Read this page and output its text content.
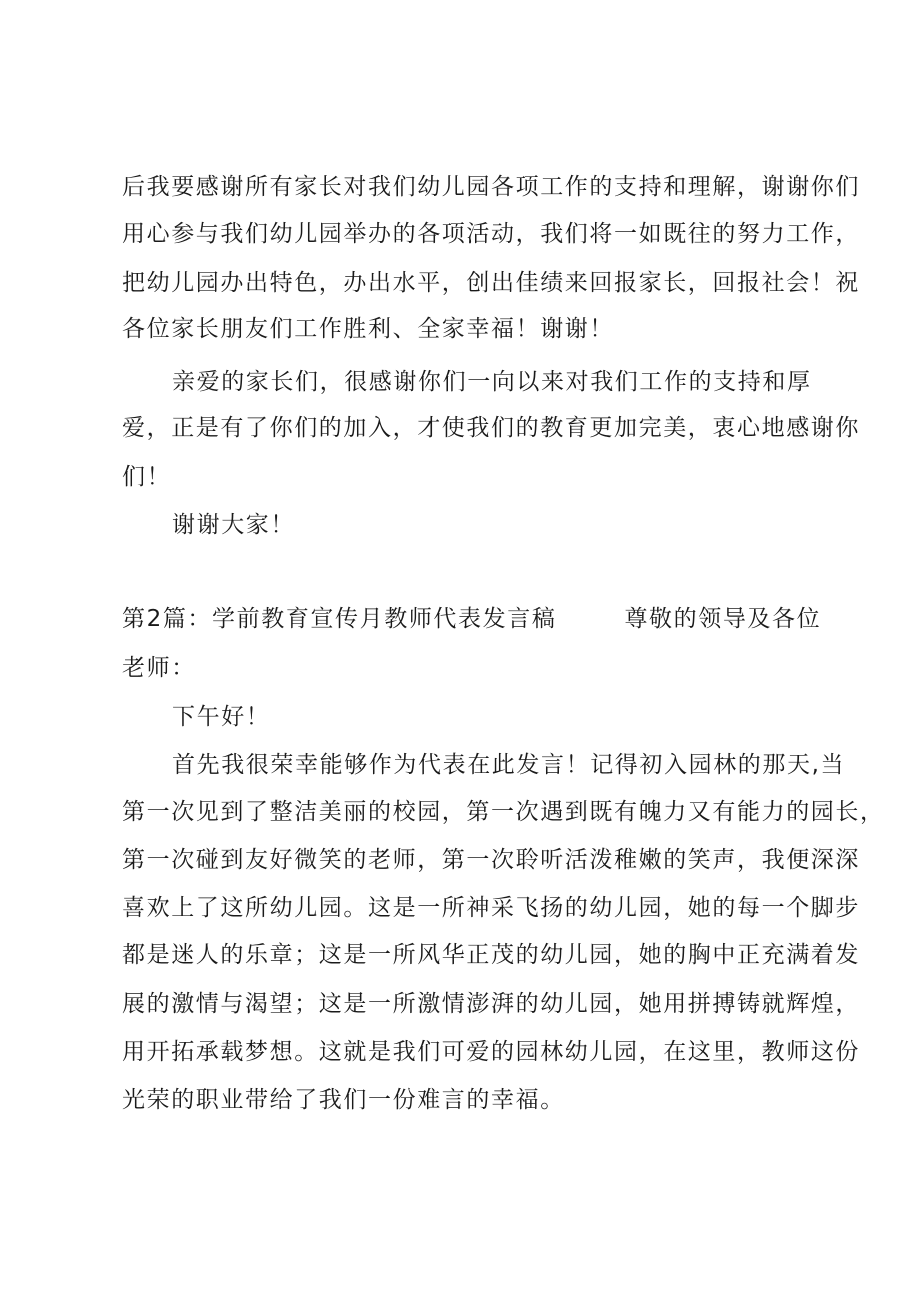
后我要感谢所有家长对我们幼儿园各项工作的支持和理解，谢谢你们
用心参与我们幼儿园举办的各项活动，我们将一如既往的努力工作，
把幼儿园办出特色，办出水平，创出佳绩来回报家长，回报社会！祝
各位家长朋友们工作胜利、全家幸福！谢谢！
亲爱的家长们，很感谢你们一向以来对我们工作的支持和厚
爱，正是有了你们的加入，才使我们的教育更加完美，衷心地感谢你
们！
谢谢大家！
第2篇：学前教育宣传月教师代表发言稿	尊敬的领导及各位
老师：
下午好！
首先我很荣幸能够作为代表在此发言！记得初入园林的那天,当
第一次见到了整洁美丽的校园，第一次遇到既有魄力又有能力的园长，
第一次碰到友好微笑的老师，第一次聆听活泼稚嫩的笑声，我便深深
喜欢上了这所幼儿园。这是一所神采飞扬的幼儿园，她的每一个脚步
都是迷人的乐章；这是一所风华正茂的幼儿园，她的胸中正充满着发
展的激情与渴望；这是一所激情澎湃的幼儿园，她用拼搏铸就辉煌，
用开拓承载梦想。这就是我们可爱的园林幼儿园，在这里，教师这份
光荣的职业带给了我们一份难言的幸福。
